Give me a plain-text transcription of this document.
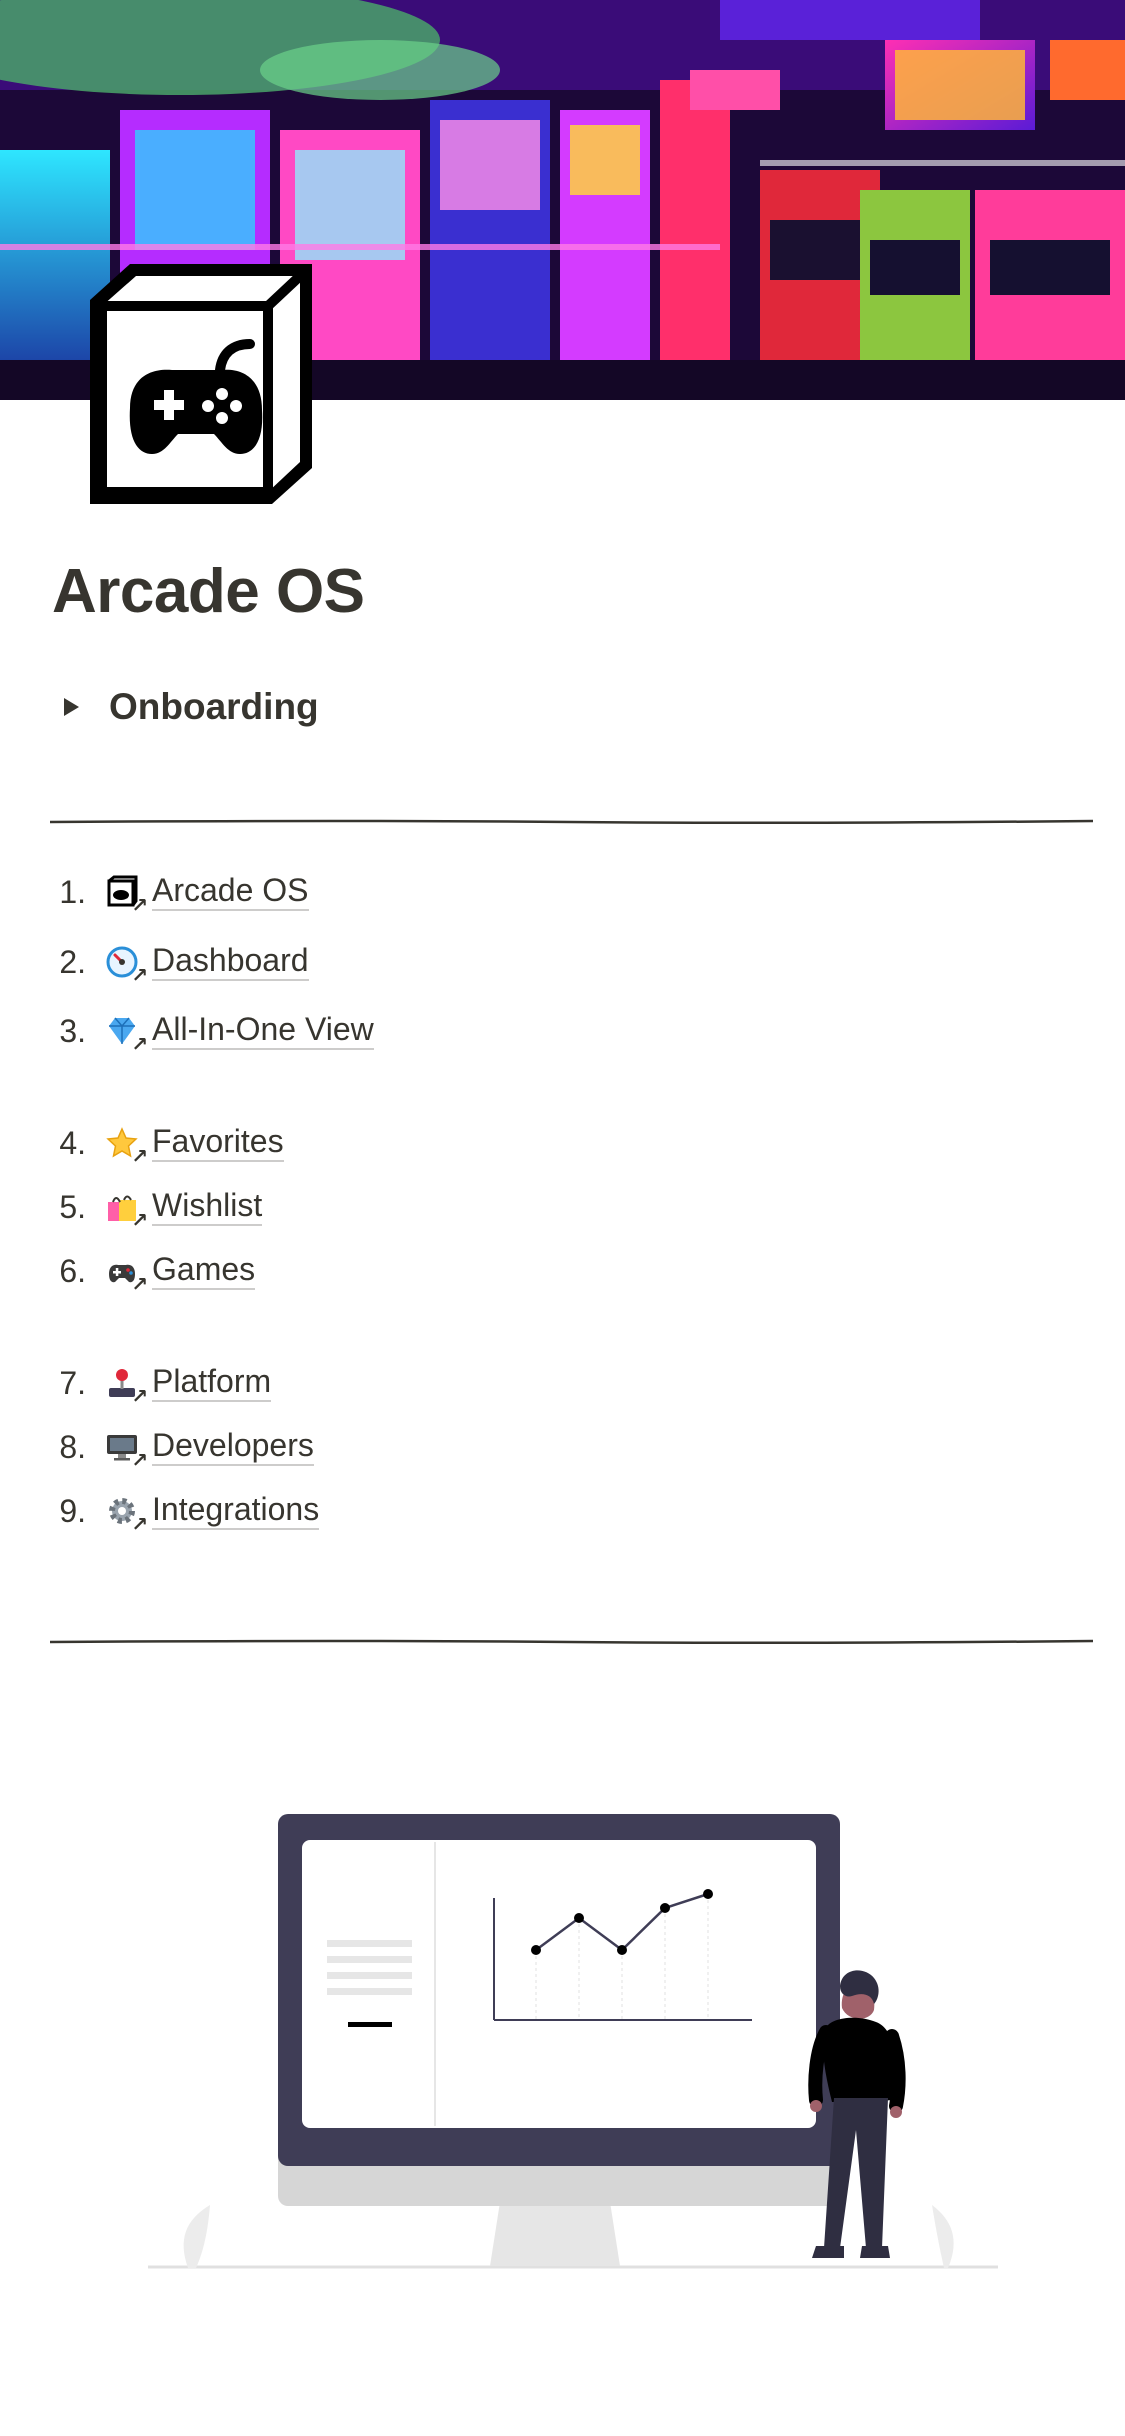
Arcade OS
Onboarding
1. ↗ Arcade OS
2. ↗ Dashboard
3. ↗ All-In-One View
4. ↗ Favorites
5. ↗ Wishlist
6. ↗ Games
7. ↗ Platform
8. ↗ Developers
9. ↗ Integrations
